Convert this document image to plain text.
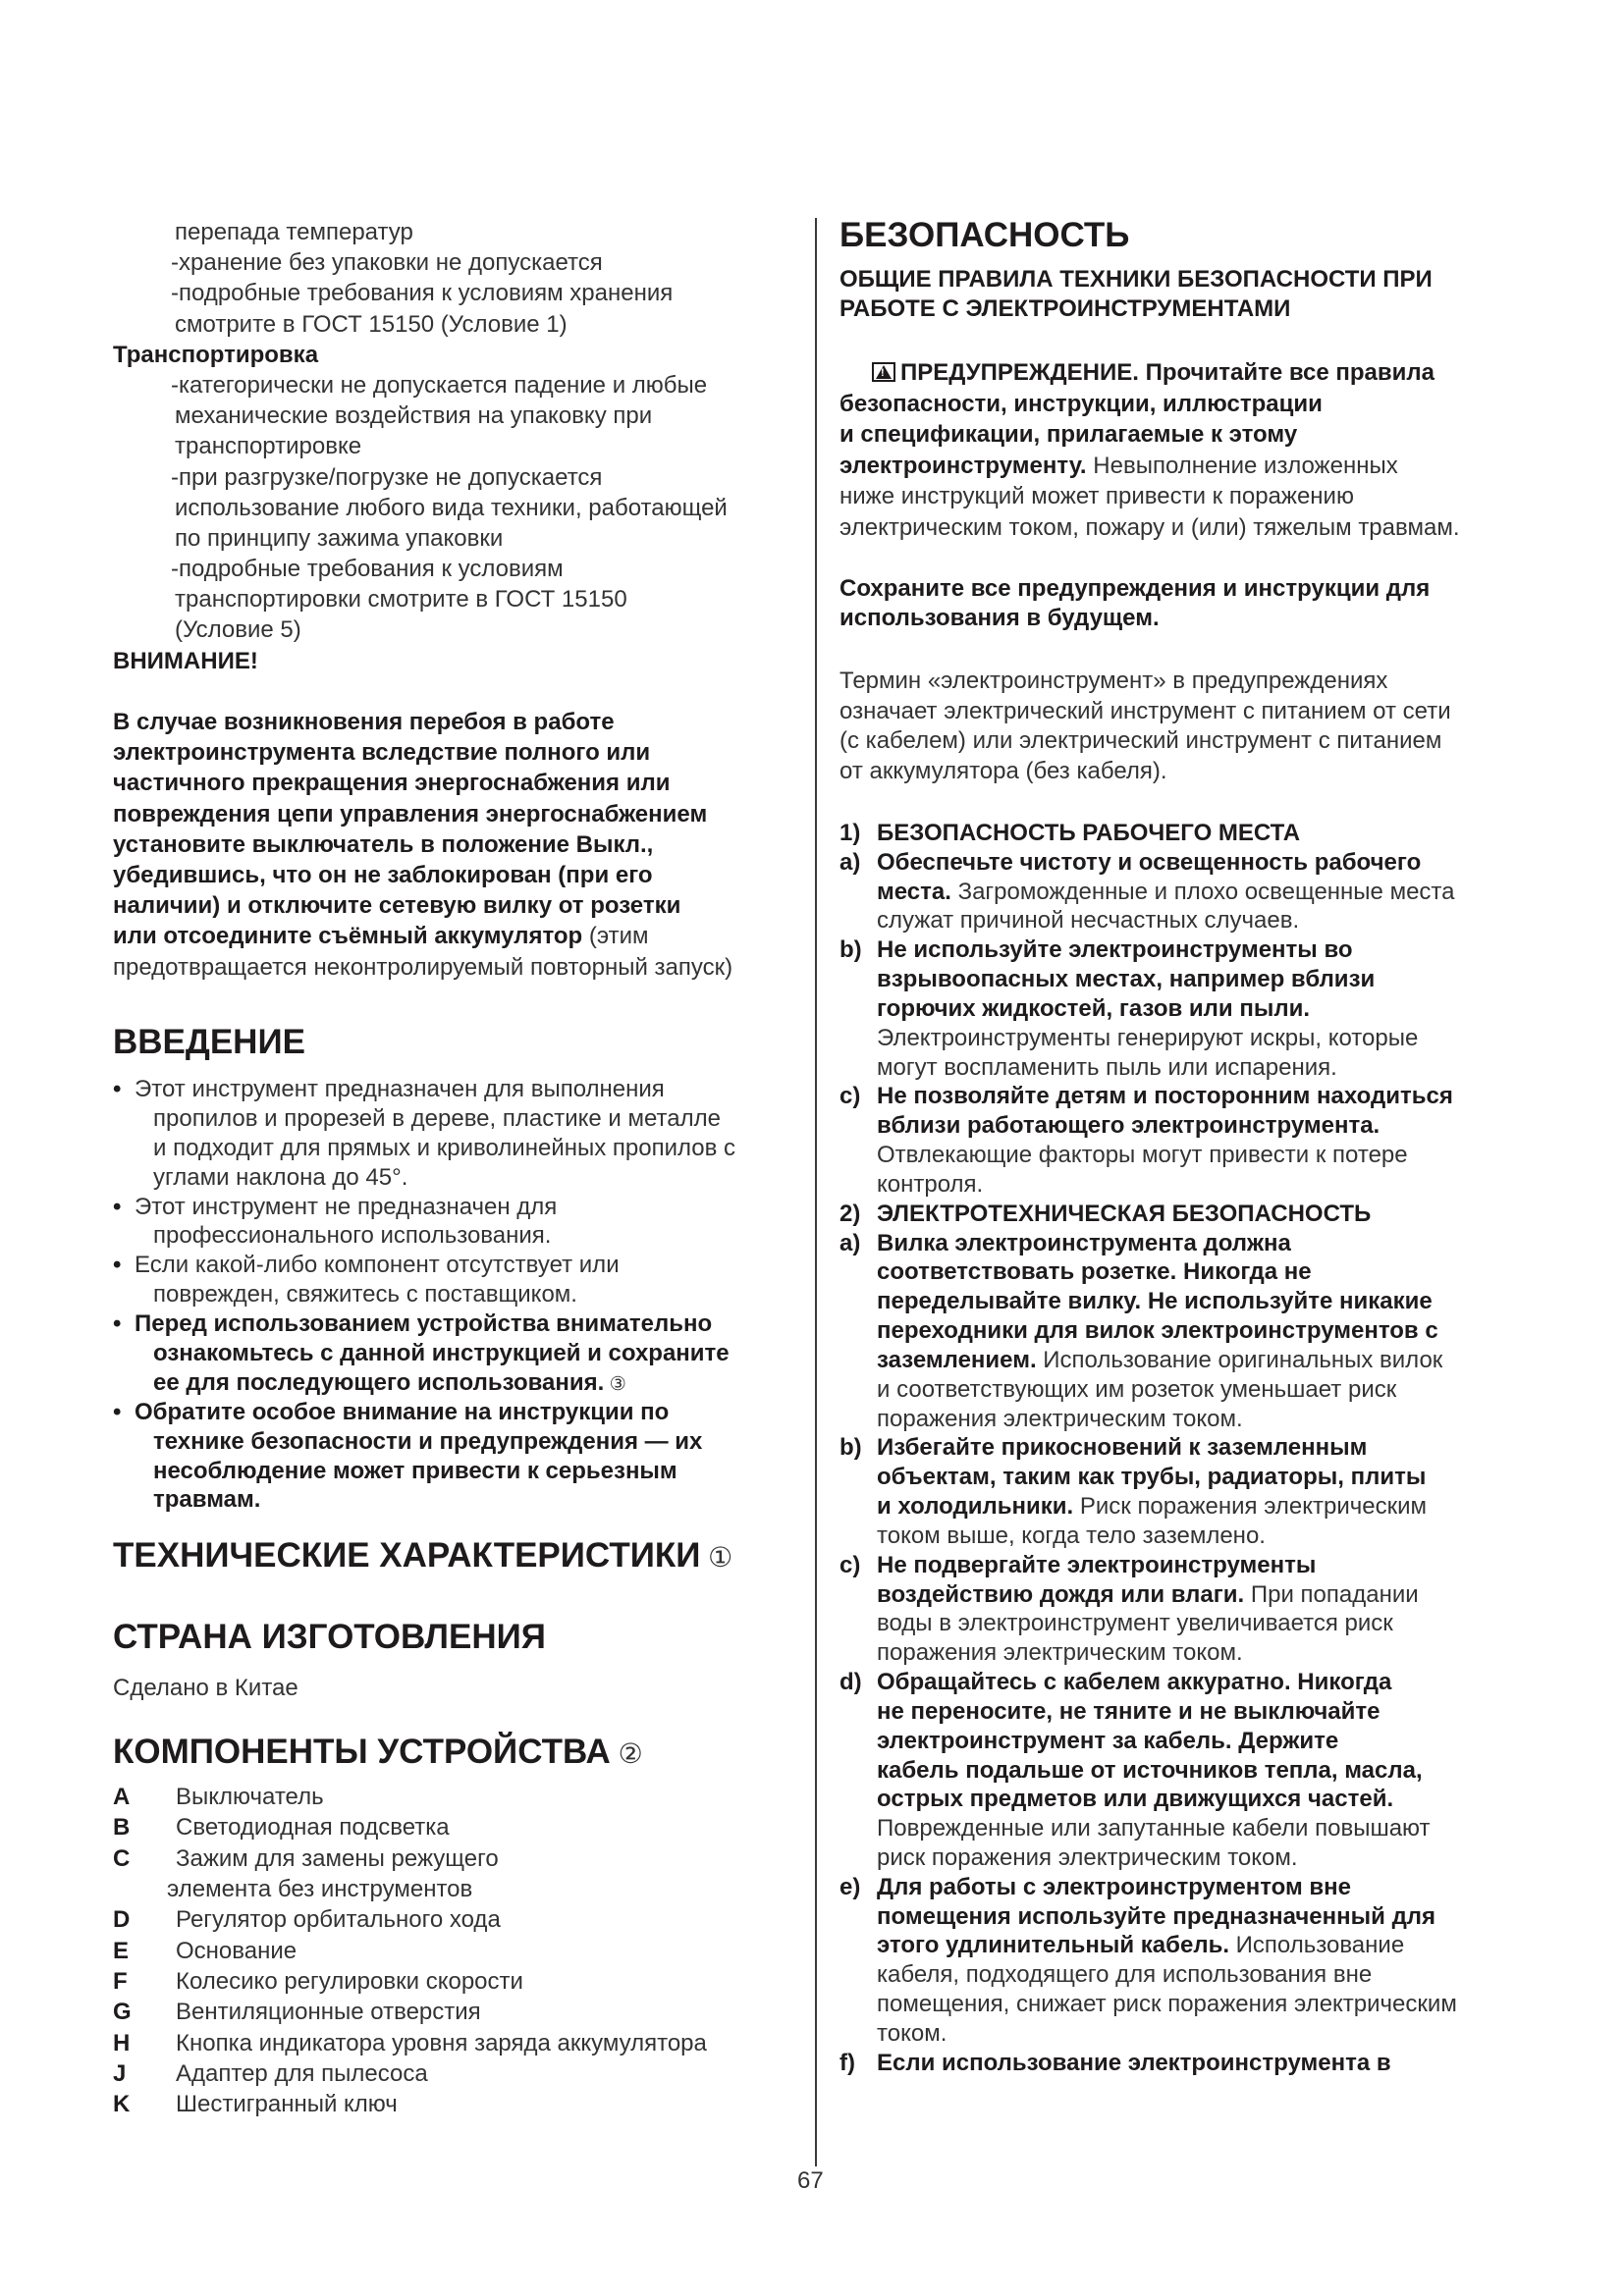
перепада температур
-хранение без упаковки не допускается
-подробные требования к условиям хранения
смотрите в ГОСТ 15150 (Условие 1)
Транспортировка
-категорически не допускается падение и любые
механические воздействия на упаковку при
транспортировке
-при разгрузке/погрузке не допускается
использование любого вида техники, работающей
по принципу зажима упаковки
-подробные требования к условиям
транспортировки смотрите в ГОСТ 15150
(Условие 5)
ВНИМАНИЕ!
В случае возникновения перебоя в работе
электроинструмента вследствие полного или
частичного прекращения энергоснабжения или
повреждения цепи управления энергоснабжением
установите выключатель в положение Выкл.,
убедившись, что он не заблокирован (при его
наличии) и отключите сетевую вилку от розетки
или отсоедините съёмный аккумулятор (этим
предотвращается неконтролируемый повторный запуск)
ВВЕДЕНИЕ
• Этот инструмент предназначен для выполнения
пропилов и прорезей в дереве, пластике и металле
и подходит для прямых и криволинейных пропилов с
углами наклона до 45°.
• Этот инструмент не предназначен для
профессионального использования.
• Если какой-либо компонент отсутствует или
поврежден, свяжитесь с поставщиком.
• Перед использованием устройства внимательно
ознакомьтесь с данной инструкцией и сохраните
ее для последующего использования. ③
• Обратите особое внимание на инструкции по
технике безопасности и предупреждения — их
несоблюдение может привести к серьезным
травмам.
ТЕХНИЧЕСКИЕ ХАРАКТЕРИСТИКИ ①
СТРАНА ИЗГОТОВЛЕНИЯ
Сделано в Китае
КОМПОНЕНТЫ УСТРОЙСТВА ②
A Выключатель
B Светодиодная подсветка
C Зажим для замены режущего
элемента без инструментов
D Регулятор орбитального хода
E Основание
F Колесико регулировки скорости
G Вентиляционные отверстия
H Кнопка индикатора уровня заряда аккумулятора
J Адаптер для пылесоса
K Шестигранный ключ
БЕЗОПАСНОСТЬ
ОБЩИЕ ПРАВИЛА ТЕХНИКИ БЕЗОПАСНОСТИ ПРИ
РАБОТЕ С ЭЛЕКТРОИНСТРУМЕНТАМИ
!ПРЕДУПРЕЖДЕНИЕ. Прочитайте все правила
безопасности, инструкции, иллюстрации
и спецификации, прилагаемые к этому
электроинструменту. Невыполнение изложенных
ниже инструкций может привести к поражению
электрическим током, пожару и (или) тяжелым травмам.
Сохраните все предупреждения и инструкции для
использования в будущем.
Термин «электроинструмент» в предупреждениях
означает электрический инструмент с питанием от сети
(с кабелем) или электрический инструмент с питанием
от аккумулятора (без кабеля).
1) БЕЗОПАСНОСТЬ РАБОЧЕГО МЕСТА
a) Обеспечьте чистоту и освещенность рабочего
места. Загроможденные и плохо освещенные места
служат причиной несчастных случаев.
b) Не используйте электроинструменты во
взрывоопасных местах, например вблизи
горючих жидкостей, газов или пыли.
Электроинструменты генерируют искры, которые
могут воспламенить пыль или испарения.
c) Не позволяйте детям и посторонним находиться
вблизи работающего электроинструмента.
Отвлекающие факторы могут привести к потере
контроля.
2) ЭЛЕКТРОТЕХНИЧЕСКАЯ БЕЗОПАСНОСТЬ
a) Вилка электроинструмента должна
соответствовать розетке. Никогда не
переделывайте вилку. Не используйте никакие
переходники для вилок электроинструментов с
заземлением. Использование оригинальных вилок
и соответствующих им розеток уменьшает риск
поражения электрическим током.
b) Избегайте прикосновений к заземленным
объектам, таким как трубы, радиаторы, плиты
и холодильники. Риск поражения электрическим
током выше, когда тело заземлено.
c) Не подвергайте электроинструменты
воздействию дождя или влаги. При попадании
воды в электроинструмент увеличивается риск
поражения электрическим током.
d) Обращайтесь с кабелем аккуратно. Никогда
не переносите, не тяните и не выключайте
электроинструмент за кабель. Держите
кабель подальше от источников тепла, масла,
острых предметов или движущихся частей.
Поврежденные или запутанные кабели повышают
риск поражения электрическим током.
e) Для работы с электроинструментом вне
помещения используйте предназначенный для
этого удлинительный кабель. Использование
кабеля, подходящего для использования вне
помещения, снижает риск поражения электрическим
током.
f) Если использование электроинструмента в
67
